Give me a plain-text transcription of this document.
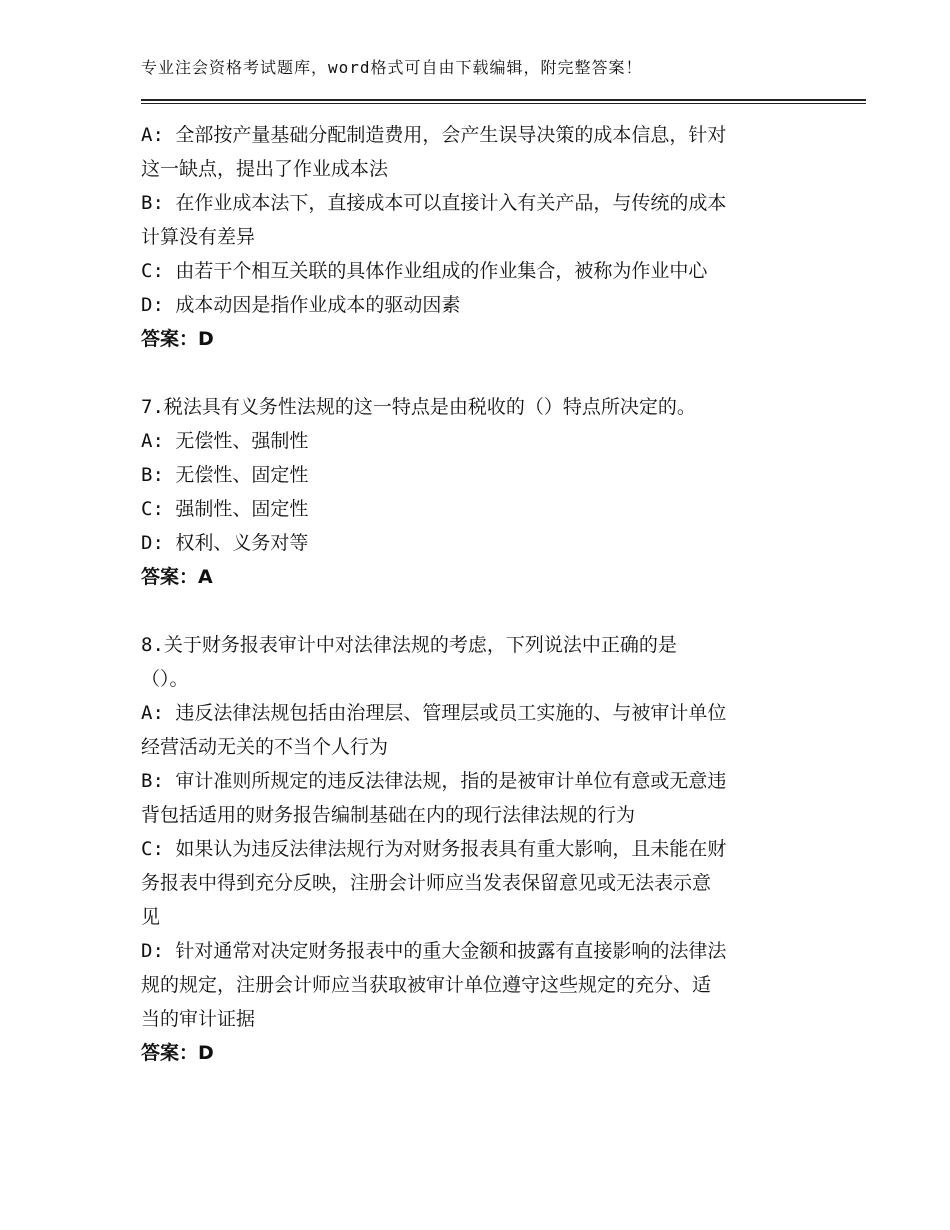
专业注会资格考试题库，word格式可自由下载编辑，附完整答案！
A: 全部按产量基础分配制造费用，会产生误导决策的成本信息，针对
这一缺点，提出了作业成本法
B: 在作业成本法下，直接成本可以直接计入有关产品，与传统的成本
计算没有差异
C: 由若干个相互关联的具体作业组成的作业集合，被称为作业中心
D: 成本动因是指作业成本的驱动因素
答案：D
7.税法具有义务性法规的这一特点是由税收的（）特点所决定的。
A: 无偿性、强制性
B: 无偿性、固定性
C: 强制性、固定性
D: 权利、义务对等
答案：A
8.关于财务报表审计中对法律法规的考虑，下列说法中正确的是
（）。
A: 违反法律法规包括由治理层、管理层或员工实施的、与被审计单位
经营活动无关的不当个人行为
B: 审计准则所规定的违反法律法规，指的是被审计单位有意或无意违
背包括适用的财务报告编制基础在内的现行法律法规的行为
C: 如果认为违反法律法规行为对财务报表具有重大影响，且未能在财
务报表中得到充分反映，注册会计师应当发表保留意见或无法表示意
见
D: 针对通常对决定财务报表中的重大金额和披露有直接影响的法律法
规的规定，注册会计师应当获取被审计单位遵守这些规定的充分、适
当的审计证据
答案：D
